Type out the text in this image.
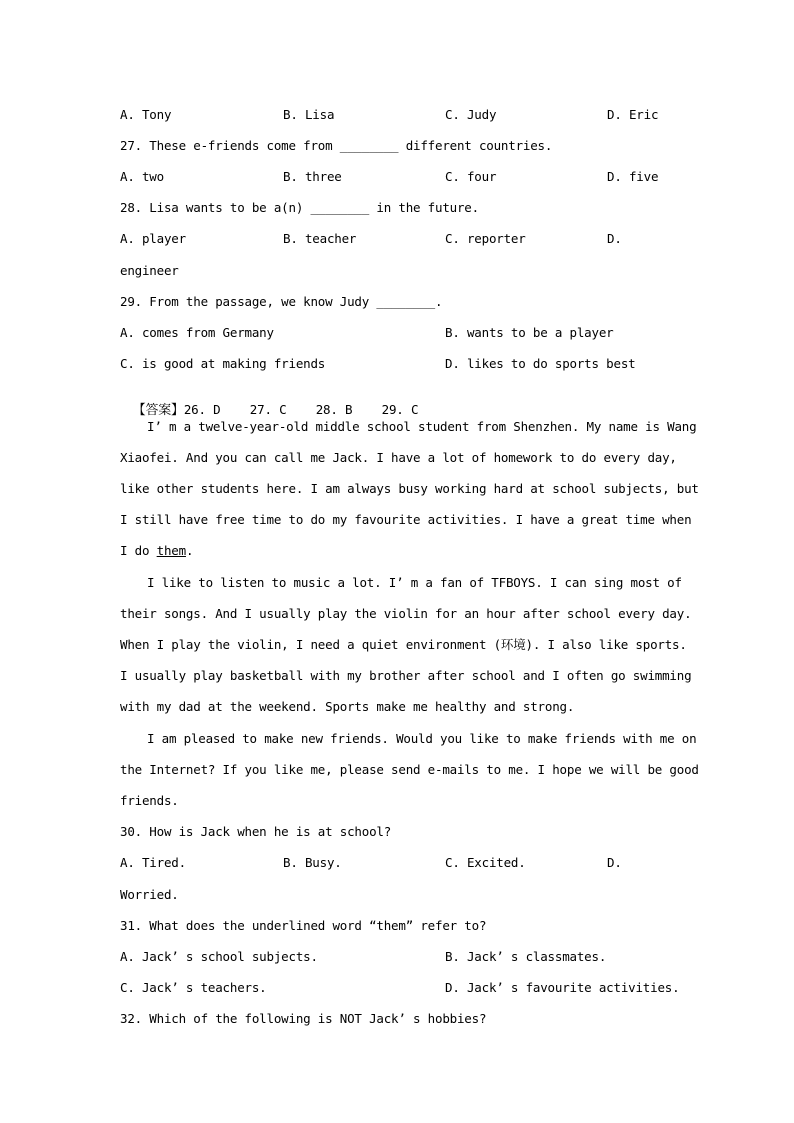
A. Tony	B. Lisa	C. Judy	D. Eric
27. These e-friends come from ________ different countries.
A. two	B. three	C. four	D. five
28. Lisa wants to be a(n) ________ in the future.
A. player	B. teacher	C. reporter	D.
engineer
29. From the passage, we know Judy ________.
A. comes from Germany	B. wants to be a player
C. is good at making friends	D. likes to do sports best

【答案】26. D    27. C    28. B    29. C

I’ m a twelve-year-old middle school student from Shenzhen. My name is Wang
Xiaofei. And you can call me Jack. I have a lot of homework to do every day,
like other students here. I am always busy working hard at school subjects, but
I still have free time to do my favourite activities. I have a great time when
I do them.
I like to listen to music a lot. I’ m a fan of TFBOYS. I can sing most of
their songs. And I usually play the violin for an hour after school every day.
When I play the violin, I need a quiet environment (环境). I also like sports.
I usually play basketball with my brother after school and I often go swimming
with my dad at the weekend. Sports make me healthy and strong.
I am pleased to make new friends. Would you like to make friends with me on
the Internet? If you like me, please send e-mails to me. I hope we will be good
friends.
30. How is Jack when he is at school?
A. Tired.	B. Busy.	C. Excited.	D.
Worried.
31. What does the underlined word “them” refer to?
A. Jack’ s school subjects.	B. Jack’ s classmates.
C. Jack’ s teachers.	D. Jack’ s favourite activities.
32. Which of the following is NOT Jack’ s hobbies?
